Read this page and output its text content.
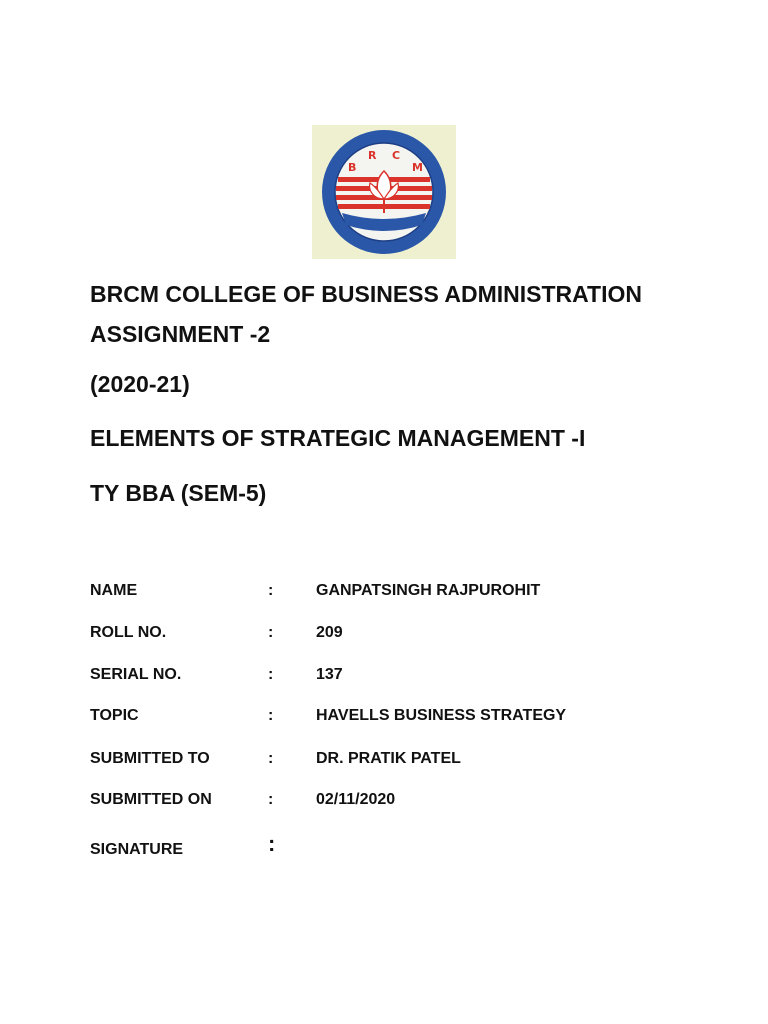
B
R C
M
BRCM COLLEGE OF BUSINESS ADMINISTRATION
ASSIGNMENT -2
(2020-21)
ELEMENTS OF STRATEGIC MANAGEMENT -I
TY BBA (SEM-5)
NAME	:	GANPATSINGH RAJPUROHIT
ROLL NO.	:	209
SERIAL NO.	:	137
TOPIC	:	HAVELLS BUSINESS STRATEGY
SUBMITTED TO	:	DR. PRATIK PATEL
SUBMITTED ON	:	02/11/2020
SIGNATURE	:
